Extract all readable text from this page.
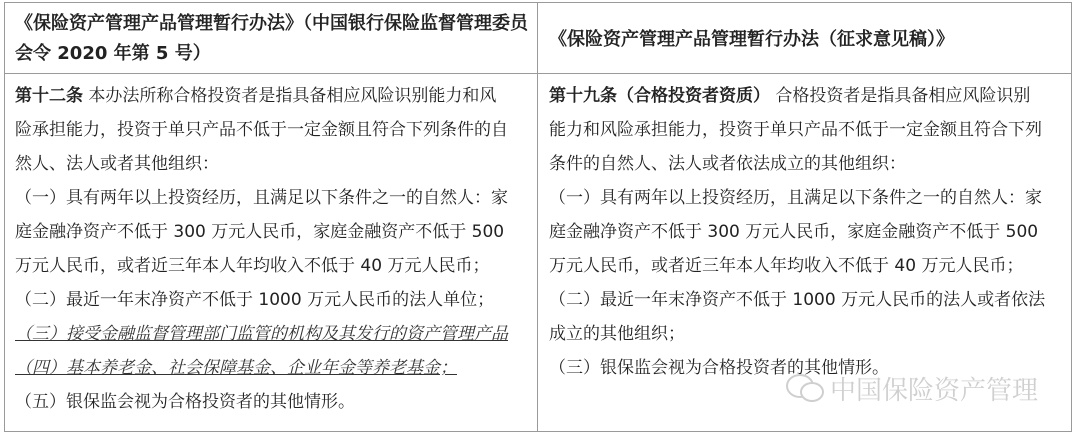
《保险资产管理产品管理暂行办法》（中国银行保险监督管理委员
会令 2020 年第 5 号）
《保险资产管理产品管理暂行办法（征求意见稿）》
第十二条 本办法所称合格投资者是指具备相应风险识别能力和风
险承担能力，投资于单只产品不低于一定金额且符合下列条件的自
然人、法人或者其他组织：
（一）具有两年以上投资经历，且满足以下条件之一的自然人：家
庭金融净资产不低于 300 万元人民币，家庭金融资产不低于 500
万元人民币，或者近三年本人年均收入不低于 40 万元人民币；
（二）最近一年末净资产不低于 1000 万元人民币的法人单位；
（三）接受金融监督管理部门监管的机构及其发行的资产管理产品
（四）基本养老金、社会保障基金、企业年金等养老基金；
（五）银保监会视为合格投资者的其他情形。
第十九条（合格投资者资质） 合格投资者是指具备相应风险识别
能力和风险承担能力，投资于单只产品不低于一定金额且符合下列
条件的自然人、法人或者依法成立的其他组织：
（一）具有两年以上投资经历，且满足以下条件之一的自然人：家
庭金融净资产不低于 300 万元人民币，家庭金融资产不低于 500
万元人民币，或者近三年本人年均收入不低于 40 万元人民币；
（二）最近一年末净资产不低于 1000 万元人民币的法人或者依法
成立的其他组织；
（三）银保监会视为合格投资者的其他情形。
中国保险资产管理
